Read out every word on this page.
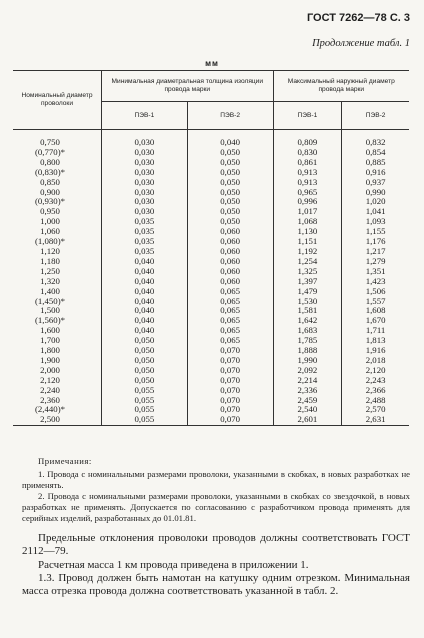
ГОСТ 7262—78 С. 3
Продолжение табл. 1
мм
Номинальный диаметр проволоки	Минимальная диаметральная толщина изоляции провода марки		Максимальный наружный диаметр провода марки	
	ПЭВ-1	ПЭВ-2	ПЭВ-1	ПЭВ-2
0,750	0,030	0,040	0,809	0,832
(0,770)*	0,030	0,050	0,830	0,854
0,800	0,030	0,050	0,861	0,885
(0,830)*	0,030	0,050	0,913	0,916
0,850	0,030	0,050	0,913	0,937
0,900	0,030	0,050	0,965	0,990
(0,930)*	0,030	0,050	0,996	1,020
0,950	0,030	0,050	1,017	1,041
1,000	0,035	0,050	1,068	1,093
1,060	0,035	0,060	1,130	1,155
(1,080)*	0,035	0,060	1,151	1,176
1,120	0,035	0,060	1,192	1,217
1,180	0,040	0,060	1,254	1,279
1,250	0,040	0,060	1,325	1,351
1,320	0,040	0,060	1,397	1,423
1,400	0,040	0,065	1,479	1,506
(1,450)*	0,040	0,065	1,530	1,557
1,500	0,040	0,065	1,581	1,608
(1,560)*	0,040	0,065	1,642	1,670
1,600	0,040	0,065	1,683	1,711
1,700	0,050	0,065	1,785	1,813
1,800	0,050	0,070	1,888	1,916
1,900	0,050	0,070	1,990	2,018
2,000	0,050	0,070	2,092	2,120
2,120	0,050	0,070	2,214	2,243
2,240	0,055	0,070	2,336	2,366
2,360	0,055	0,070	2,459	2,488
(2,440)*	0,055	0,070	2,540	2,570
2,500	0,055	0,070	2,601	2,631
Примечания:

1. Провода с номинальными размерами проволоки, указанными в скобках, в новых разработках не применять.

2. Провода с номинальными размерами проволоки, указанными в скобках со звездочкой, в новых разработках не применять. Допускается по согласованию с разработчиком провода применять для серийных изделий, разработанных до 01.01.81.

Предельные отклонения проволоки проводов должны соответствовать ГОСТ 2112—79.

Расчетная масса 1 км провода приведена в приложении 1.

1.3. Провод должен быть намотан на катушку одним отрезком. Минимальная масса отрезка провода должна соответствовать указанной в табл. 2.
